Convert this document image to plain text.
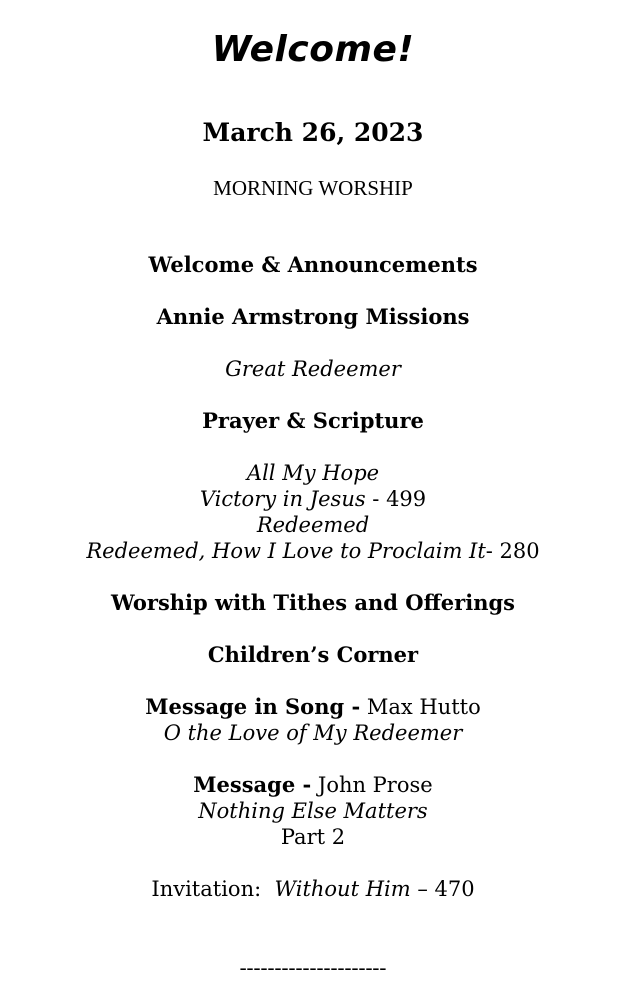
Welcome!
March 26, 2023
MORNING WORSHIP
Welcome & Announcements
Annie Armstrong Missions
Great Redeemer
Prayer & Scripture
All My Hope
Victory in Jesus - 499
Redeemed
Redeemed, How I Love to Proclaim It- 280
Worship with Tithes and Offerings
Children’s Corner
Message in Song - Max Hutto
O the Love of My Redeemer
Message - John Prose
Nothing Else Matters
Part 2
Invitation:  Without Him – 470
---------------------
